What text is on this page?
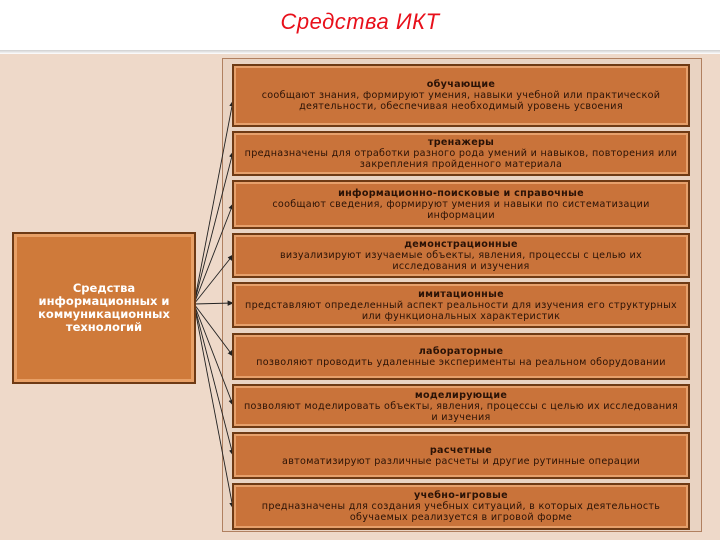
Средства ИКТ
Средства информационных и коммуникационных технологий
обучающие
сообщают знания, формируют умения, навыки учебной или практической деятельности, обеспечивая необходимый уровень усвоения
тренажеры
предназначены для отработки разного рода умений и навыков, повторения или закрепления пройденного материала
информационно-поисковые и справочные
сообщают сведения, формируют умения и навыки по систематизации информации
демонстрационные
визуализируют изучаемые объекты, явления, процессы с целью их исследования и изучения
имитационные
представляют определенный аспект реальности для изучения его структурных или функциональных характеристик
лабораторные
позволяют проводить удаленные эксперименты на реальном оборудовании
моделирующие
позволяют моделировать объекты, явления, процессы с целью их исследования и изучения
расчетные
автоматизируют различные расчеты и другие рутинные операции
учебно-игровые
предназначены для создания учебных ситуаций, в которых деятельность обучаемых реализуется в игровой форме
